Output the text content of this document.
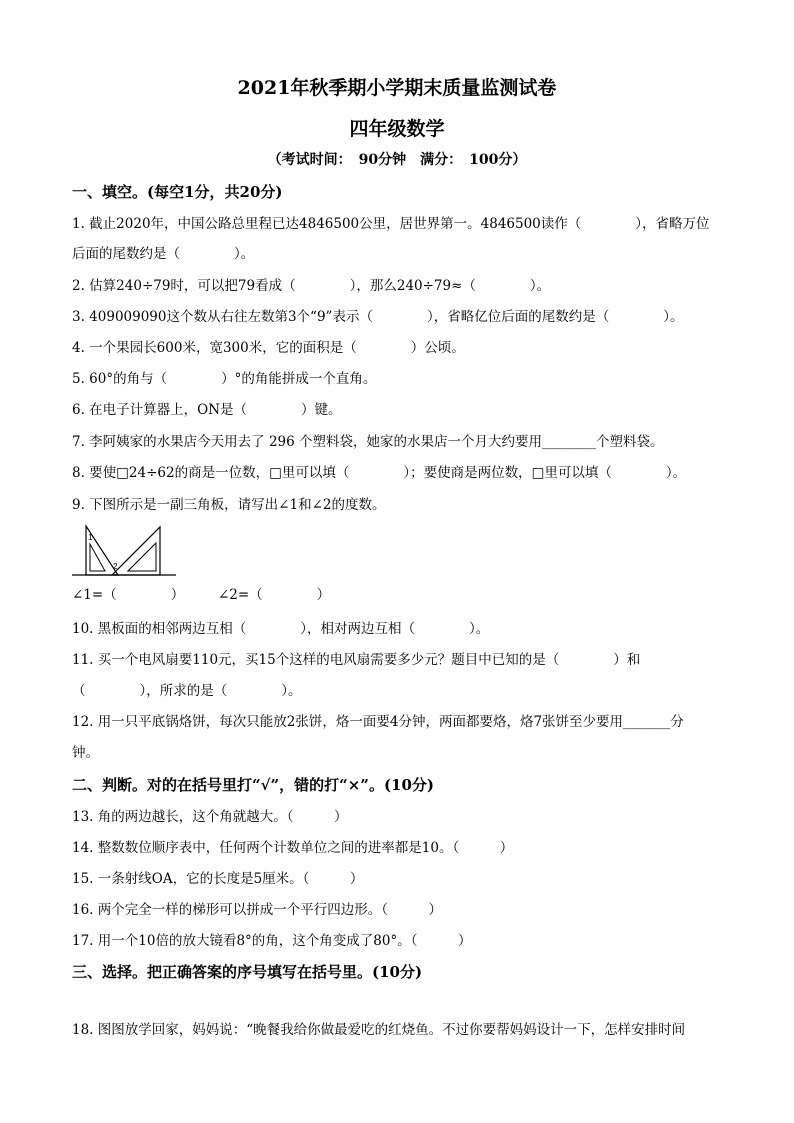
2021年秋季期小学期末质量监测试卷
四年级数学
（考试时间：　90分钟　满分：　100分）
一、填空。(每空1分，共20分)
1. 截止2020年，中国公路总里程已达4846500公里，居世界第一。4846500读作（　　　　），省略万位
后面的尾数约是（　　　　）。
2. 估算240÷79时，可以把79看成（　　　　），那么240÷79≈（　　　　）。
3. 409009090这个数从右往左数第3个“9”表示（　　　　），省略亿位后面的尾数约是（　　　　）。
4. 一个果园长600米，宽300米，它的面积是（　　　　）公顷。
5. 60°的角与（　　　　）°的角能拼成一个直角。
6. 在电子计算器上，ON是（　　　　）键。
7. 李阿姨家的水果店今天用去了 296 个塑料袋，她家的水果店一个月大约要用________个塑料袋。
8. 要使□24÷62的商是一位数，□里可以填（　　　　）；要使商是两位数，□里可以填（　　　　）。
9. 下图所示是一副三角板，请写出∠1和∠2的度数。
∠1=（　　　　）　　　∠2=（　　　　）
10. 黑板面的相邻两边互相（　　　　），相对两边互相（　　　　）。
11. 买一个电风扇要110元，买15个这样的电风扇需要多少元？题目中已知的是（　　　　）和
（　　　　），所求的是（　　　　）。
12. 用一只平底锅烙饼，每次只能放2张饼，烙一面要4分钟，两面都要烙，烙7张饼至少要用_______分
钟。
二、判断。对的在括号里打“√”，错的打“×”。(10分)
13. 角的两边越长，这个角就越大。（　　　）
14. 整数数位顺序表中，任何两个计数单位之间的进率都是10。（　　　）
15. 一条射线OA，它的长度是5厘米。（　　　）
16. 两个完全一样的梯形可以拼成一个平行四边形。（　　　）
17. 用一个10倍的放大镜看8°的角，这个角变成了80°。（　　　）
三、选择。把正确答案的序号填写在括号里。(10分)
18. 图图放学回家，妈妈说：“晚餐我给你做最爱吃的红烧鱼。不过你要帮妈妈设计一下，怎样安排时间
1
2
